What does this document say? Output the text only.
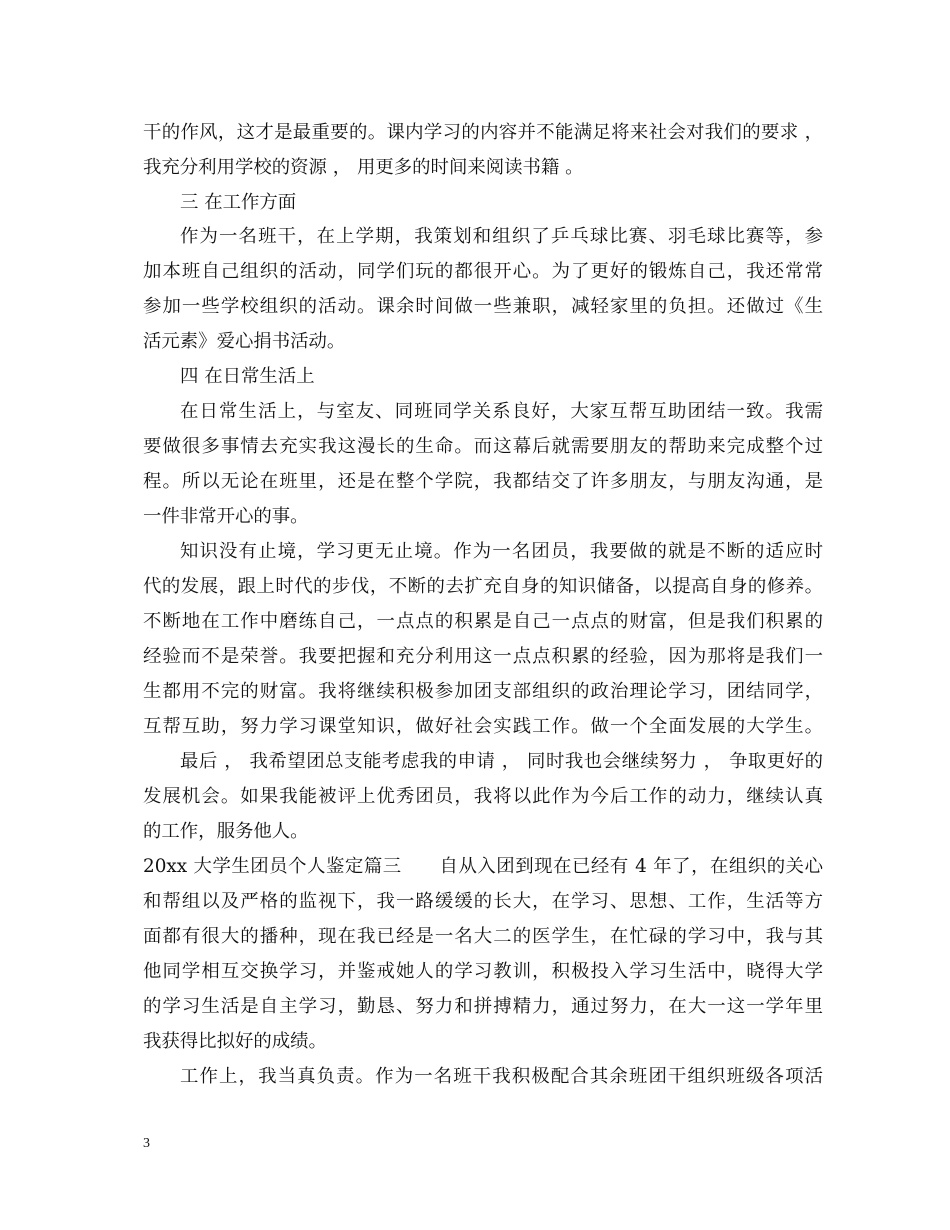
干的作风，这才是最重要的。课内学习的内容并不能满足将来社会对我们的要求 ，
我充分利用学校的资源 ， 用更多的时间来阅读书籍 。
三 在工作方面
作为一名班干，在上学期，我策划和组织了乒乓球比赛、羽毛球比赛等，参
加本班自己组织的活动，同学们玩的都很开心。为了更好的锻炼自己，我还常常
参加一些学校组织的活动。课余时间做一些兼职，减轻家里的负担。还做过《生
活元素》爱心捐书活动。
四 在日常生活上
在日常生活上，与室友、同班同学关系良好，大家互帮互助团结一致。我需
要做很多事情去充实我这漫长的生命。而这幕后就需要朋友的帮助来完成整个过
程。所以无论在班里，还是在整个学院，我都结交了许多朋友，与朋友沟通，是
一件非常开心的事。
知识没有止境，学习更无止境。作为一名团员，我要做的就是不断的适应时
代的发展，跟上时代的步伐，不断的去扩充自身的知识储备，以提高自身的修养。
不断地在工作中磨练自己，一点点的积累是自己一点点的财富，但是我们积累的
经验而不是荣誉。我要把握和充分利用这一点点积累的经验，因为那将是我们一
生都用不完的财富。我将继续积极参加团支部组织的政治理论学习，团结同学，
互帮互助，努力学习课堂知识，做好社会实践工作。做一个全面发展的大学生。
最后 ， 我希望团总支能考虑我的申请 ， 同时我也会继续努力 ， 争取更好的
发展机会。如果我能被评上优秀团员，我将以此作为今后工作的动力，继续认真
的工作，服务他人。
20xx 大学生团员个人鉴定篇三　　自从入团到现在已经有 4 年了，在组织的关心
和帮组以及严格的监视下，我一路缓缓的长大，在学习、思想、工作，生活等方
面都有很大的播种，现在我已经是一名大二的医学生，在忙碌的学习中，我与其
他同学相互交换学习，并鉴戒她人的学习教训，积极投入学习生活中，晓得大学
的学习生活是自主学习，勤恳、努力和拼搏精力，通过努力，在大一这一学年里
我获得比拟好的成绩。
工作上，我当真负责。作为一名班干我积极配合其余班团干组织班级各项活
3
